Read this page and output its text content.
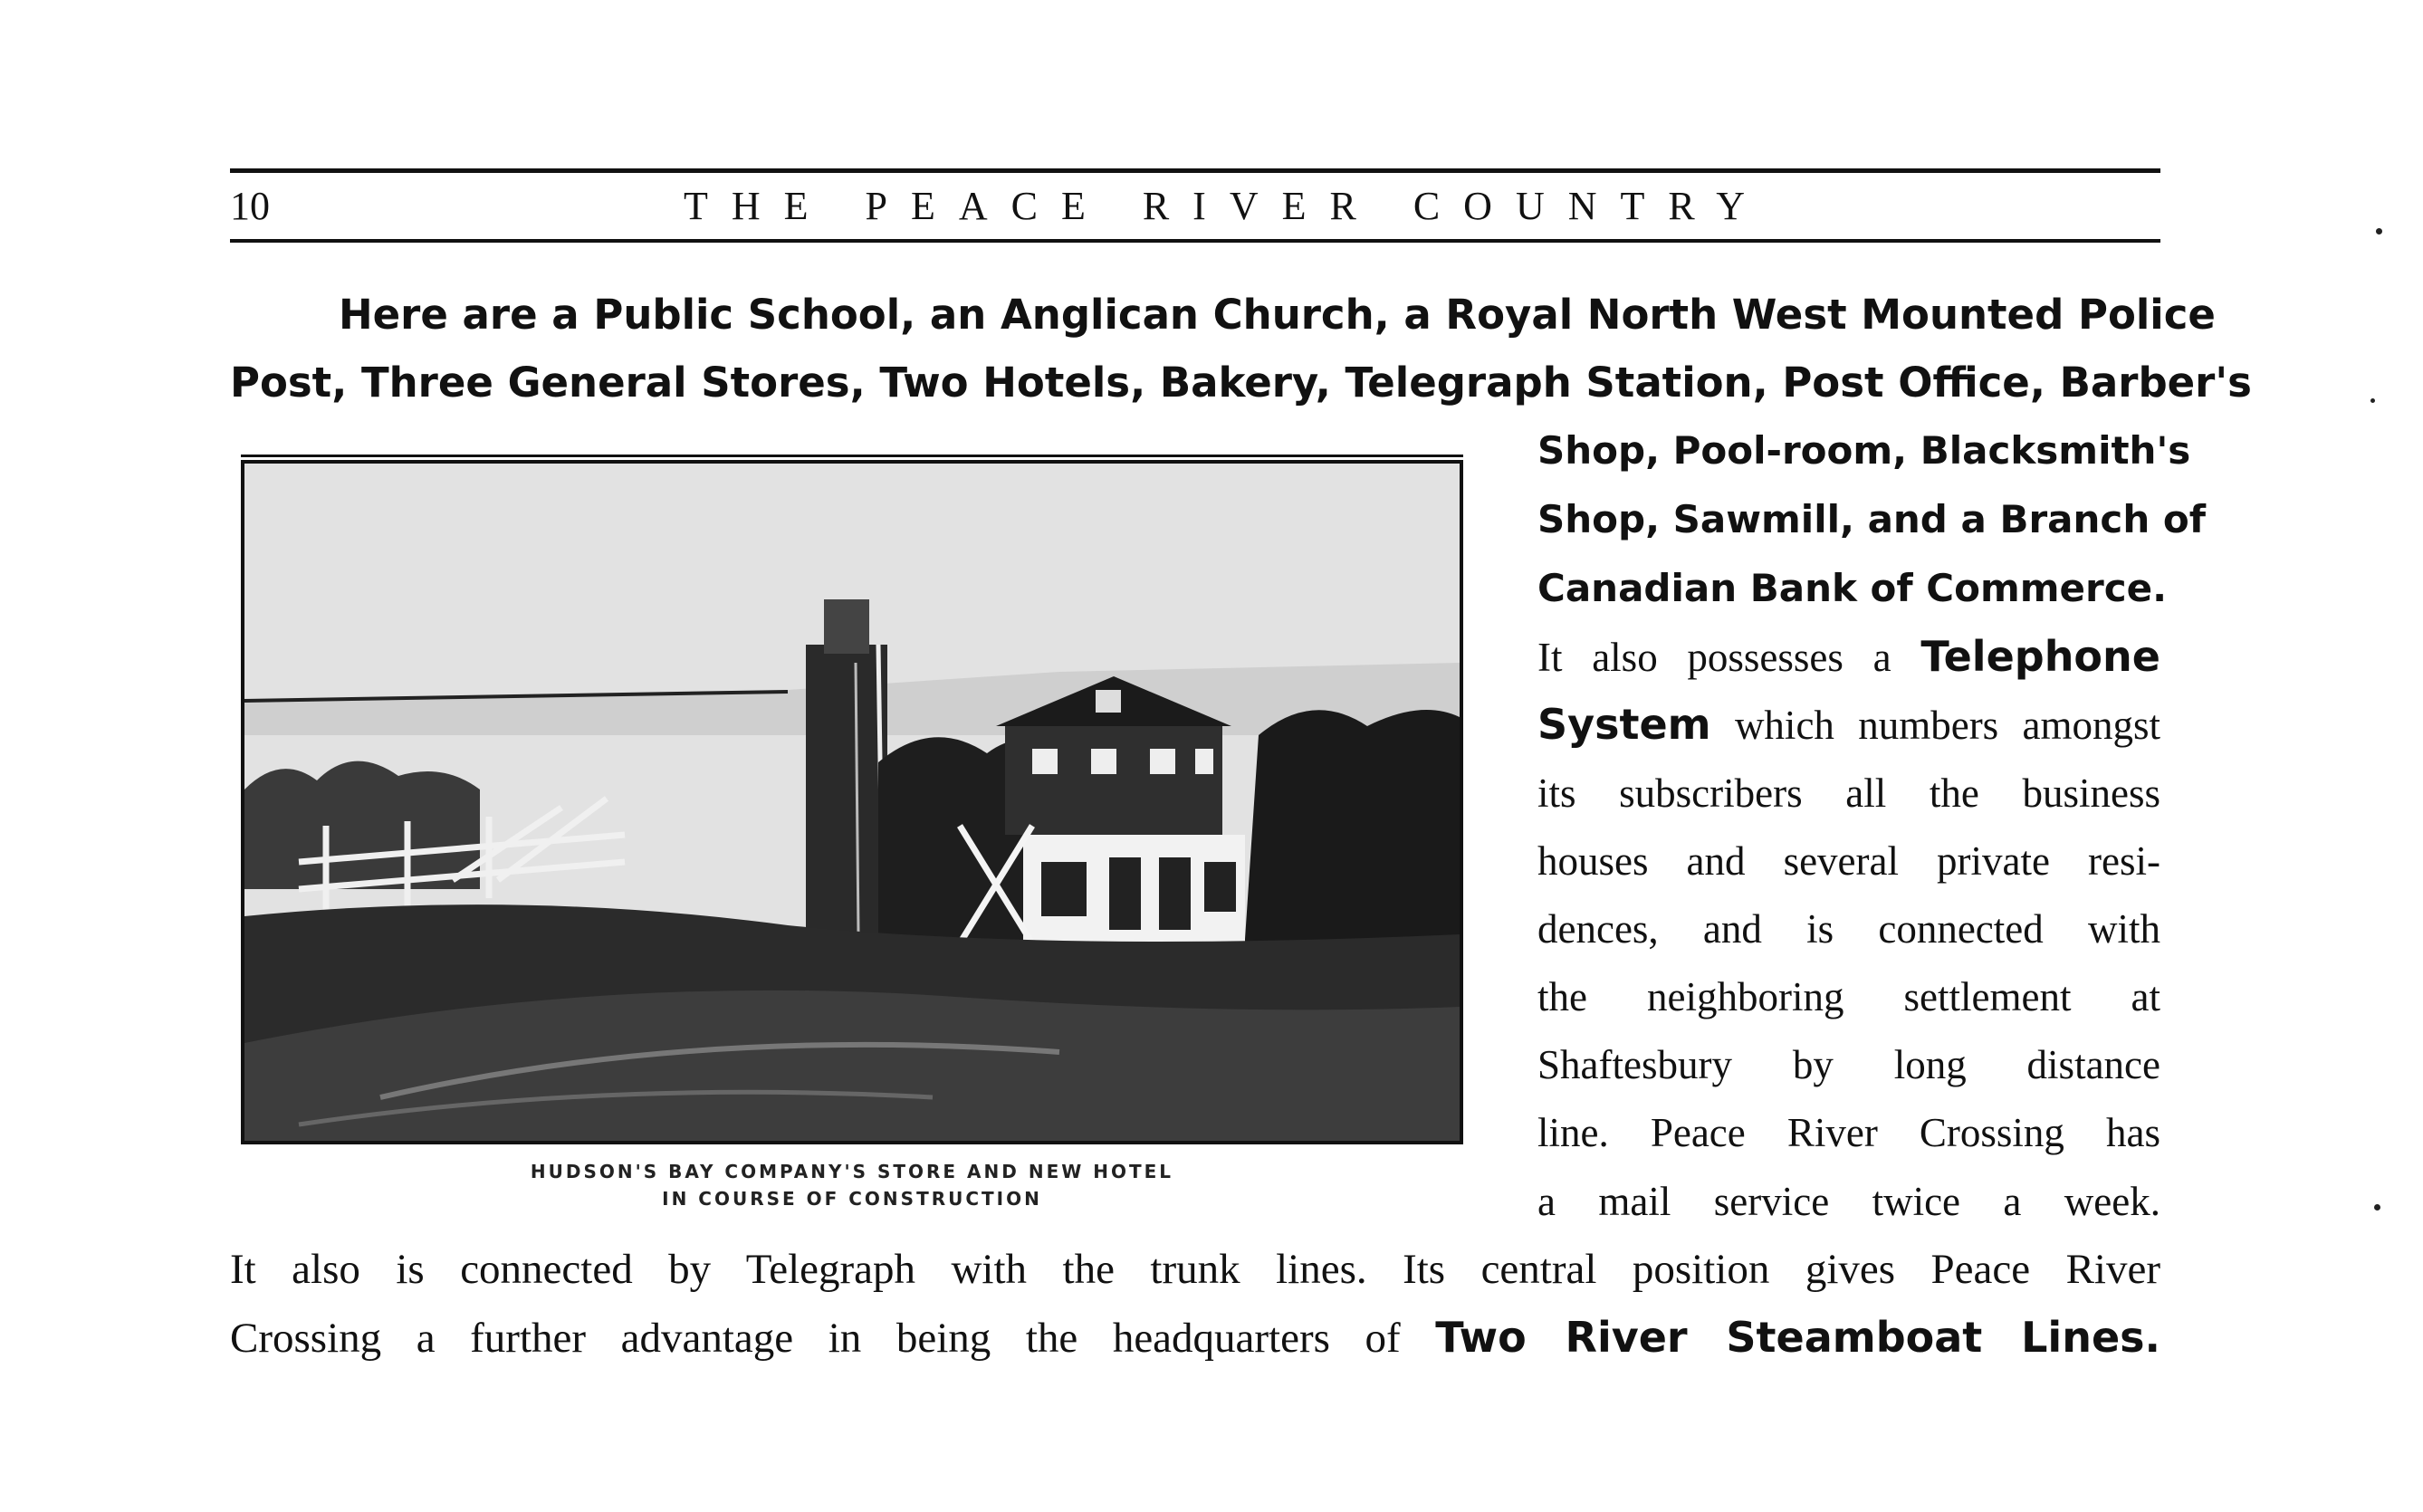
10	THE PEACE RIVER COUNTRY
Here are a Public School, an Anglican Church, a Royal North West Mounted Police
Post, Three General Stores, Two Hotels, Bakery, Telegraph Station, Post Office, Barber's
HUDSON'S BAY COMPANY'S STORE AND NEW HOTEL
IN COURSE OF CONSTRUCTION
Shop, Pool-room, Blacksmith's
Shop, Sawmill, and a Branch of
Canadian Bank of Commerce.
It also possesses a Telephone
System which numbers amongst
its subscribers all the business
houses and several private resi-
dences, and is connected with
the neighboring settlement at
Shaftesbury by long distance
line. Peace River Crossing has
a mail service twice a week.
It also is connected by Telegraph with the trunk lines. Its central position gives Peace River
Crossing a further advantage in being the headquarters of Two River Steamboat Lines.
